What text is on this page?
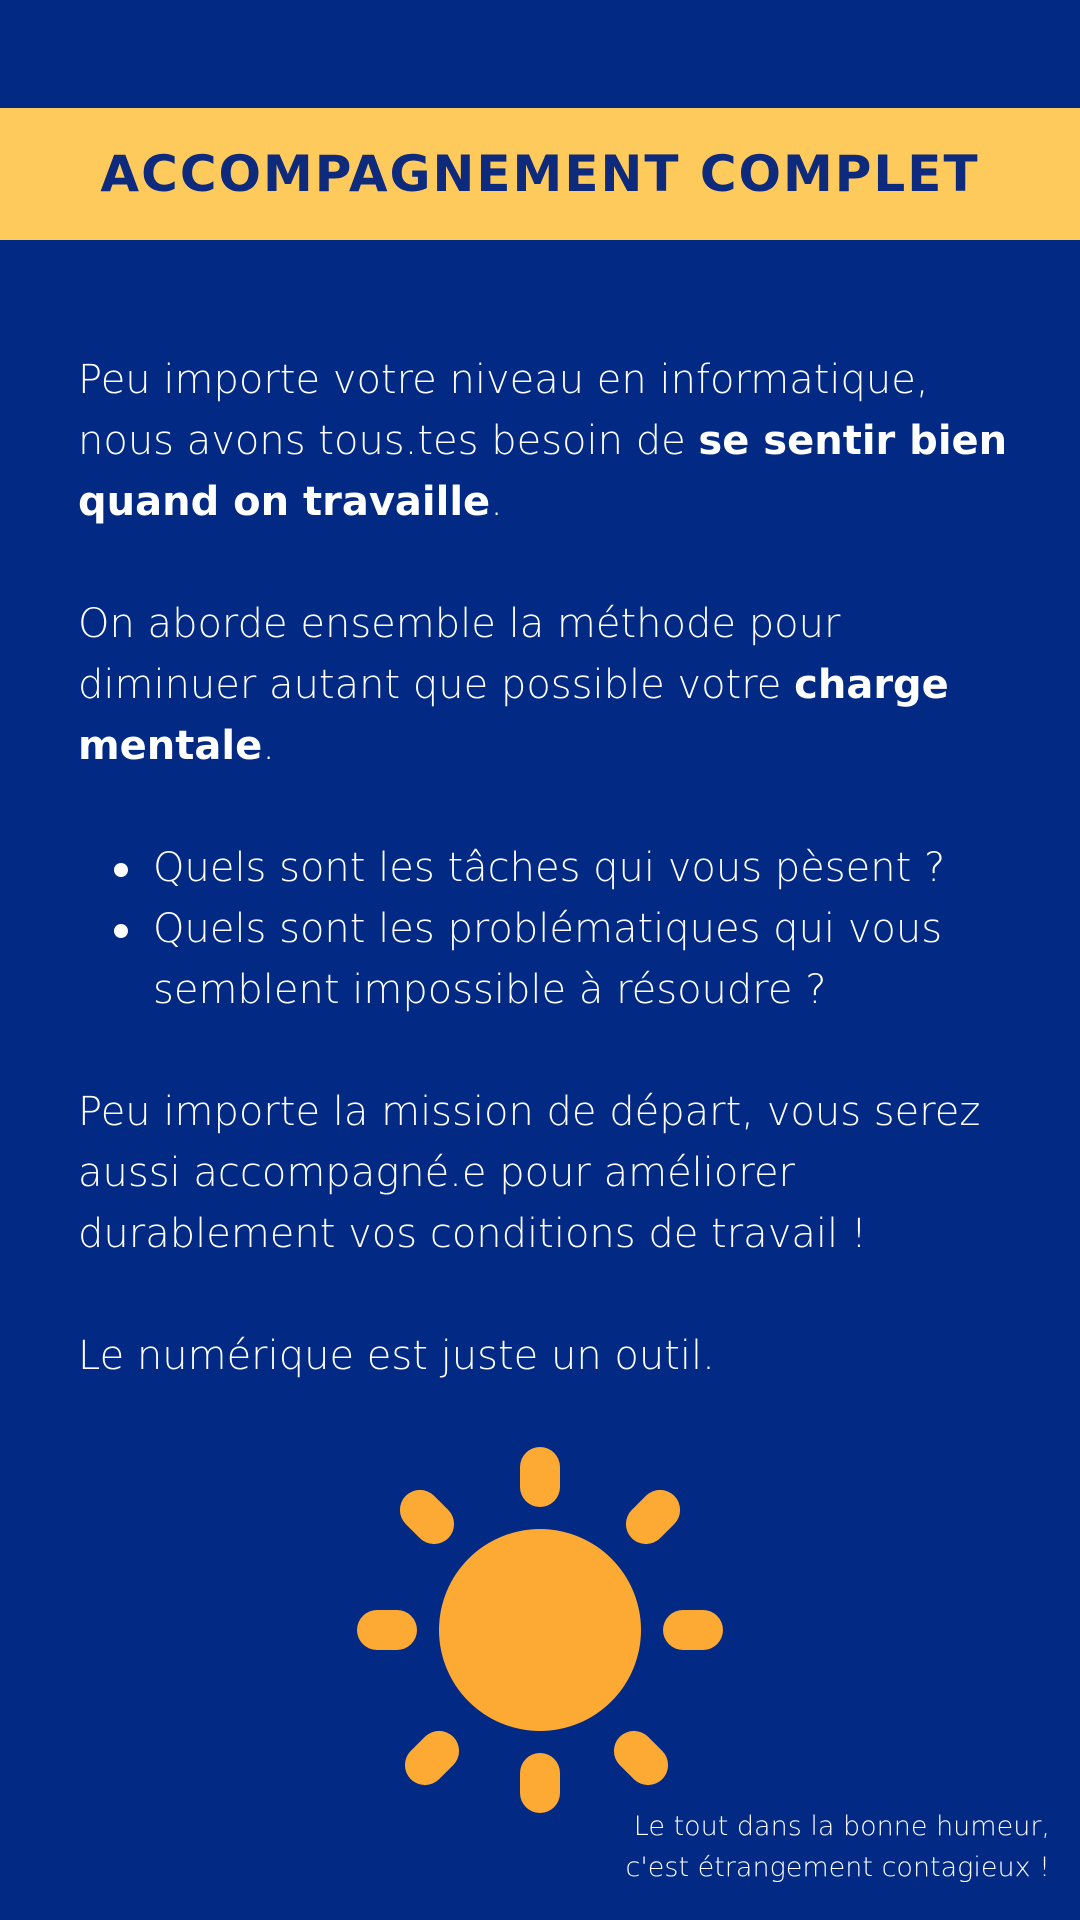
ACCOMPAGNEMENT COMPLET

Peu importe votre niveau en informatique, nous avons tous.tes besoin de se sentir bien quand on travaille.

On aborde ensemble la méthode pour diminuer autant que possible votre charge mentale.

Quels sont les tâches qui vous pèsent ?
Quels sont les problématiques qui vous semblent impossible à résoudre ?

Peu importe la mission de départ, vous serez aussi accompagné.e pour améliorer durablement vos conditions de travail !

Le numérique est juste un outil.

Le tout dans la bonne humeur,
c'est étrangement contagieux !
